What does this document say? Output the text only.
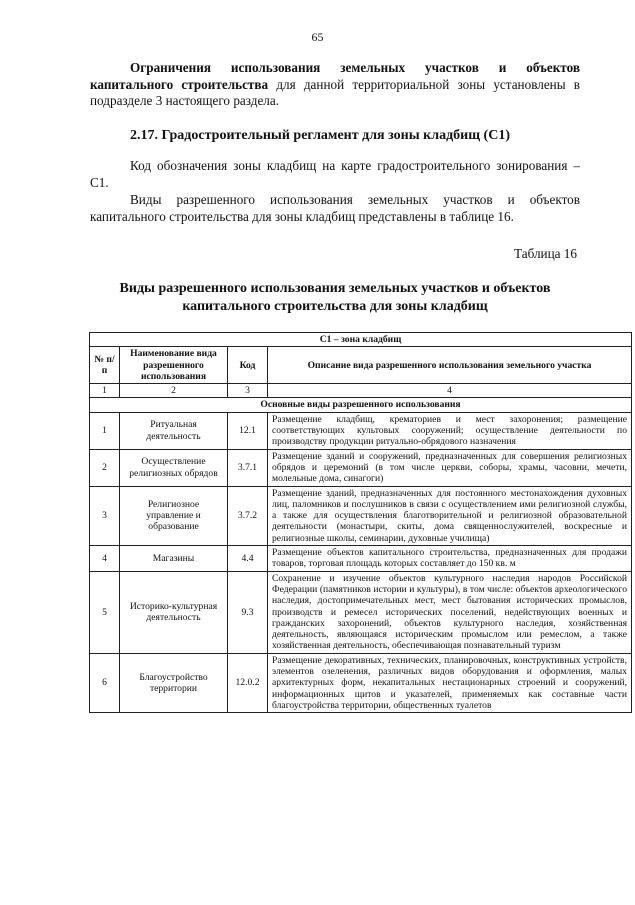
65
Ограничения использования земельных участков и объектов капитального строительства для данной территориальной зоны установлены в подразделе 3 настоящего раздела.
2.17. Градостроительный регламент для зоны кладбищ (С1)
Код обозначения зоны кладбищ на карте градостроительного зонирования – С1.
Виды разрешенного использования земельных участков и объектов капитального строительства для зоны кладбищ представлены в таблице 16.
Таблица 16
Виды разрешенного использования земельных участков и объектов
капитального строительства для зоны кладбищ
С1 – зона кладбищ			
№ п/п	Наименование вида разрешенного использования	Код	Описание вида разрешенного использования земельного участка
1	2	3	4
Основные виды разрешенного использования			
1	Ритуальная деятельность	12.1	Размещение кладбищ, крематориев и мест захоронения; размещение соответствующих культовых сооружений; осуществление деятельности по производству продукции ритуально-обрядового назначения
2	Осуществление религиозных обрядов	3.7.1	Размещение зданий и сооружений, предназначенных для совершения религиозных обрядов и церемоний (в том числе церкви, соборы, храмы, часовни, мечети, молельные дома, синагоги)
3	Религиозное управление и образование	3.7.2	Размещение зданий, предназначенных для постоянного местонахождения духовных лиц, паломников и послушников в связи с осуществлением ими религиозной службы, а также для осуществления благотворительной и религиозной образовательной деятельности (монастыри, скиты, дома священнослужителей, воскресные и религиозные школы, семинарии, духовные училища)
4	Магазины	4.4	Размещение объектов капитального строительства, предназначенных для продажи товаров, торговая площадь которых составляет до 150 кв. м
5	Историко-культурная деятельность	9.3	Сохранение и изучение объектов культурного наследия народов Российской Федерации (памятников истории и культуры), в том числе: объектов археологического наследия, достопримечательных мест, мест бытования исторических промыслов, производств и ремесел исторических поселений, недействующих военных и гражданских захоронений, объектов культурного наследия, хозяйственная деятельность, являющаяся историческим промыслом или ремеслом, а также хозяйственная деятельность, обеспечивающая познавательный туризм
6	Благоустройство территории	12.0.2	Размещение декоративных, технических, планировочных, конструктивных устройств, элементов озеленения, различных видов оборудования и оформления, малых архитектурных форм, некапитальных нестационарных строений и сооружений, информационных щитов и указателей, применяемых как составные части благоустройства территории, общественных туалетов
